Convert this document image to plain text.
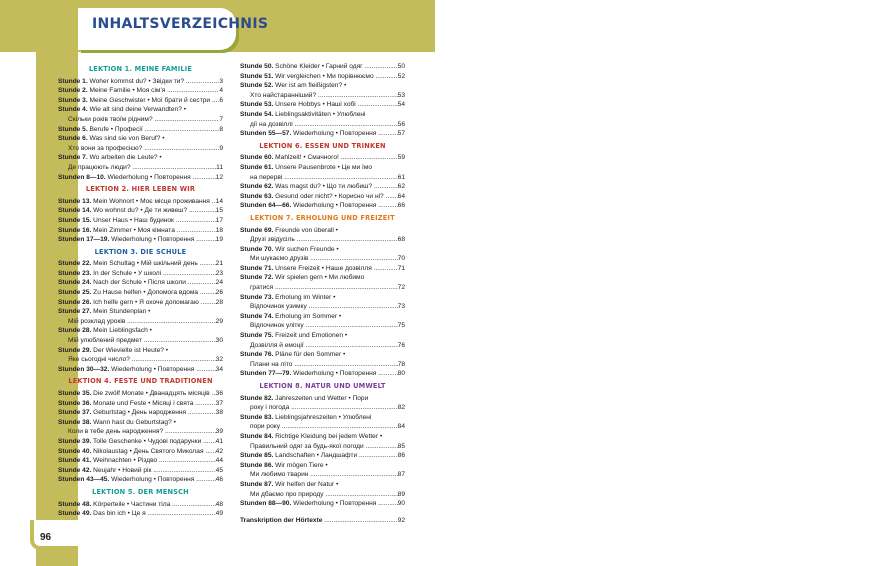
INHALTSVERZEICHNIS
96
LEKTION 1. MEINE FAMILIE
Stunde 1. Woher kommst du? • Звідки ти? .....	3
Stunde 2. Meine Familie • Моя сім'я .....	4
Stunde 3. Meine Geschwister • Мої брати й сестри .....	6
Stunde 4. Wie alt sind deine Verwandten? •
Скільки років твоїм рідним? .....	7
Stunde 5. Berufe • Професії .....	8
Stunde 6. Was sind sie von Beruf? •
Хто вони за професією? .....	9
Stunde 7. Wo arbeiten die Leute? •
Де працюють люди? .....	11
Stunden 8—10. Wiederholung • Повторення .....	12
LEKTION 2. HIER LEBEN WIR
Stunde 13. Mein Wohnort • Моє місце проживання ..... 14
Stunde 14. Wo wohnst du? • Де ти живеш? .....	15
Stunde 15. Unser Haus • Наш будинок .....	17
Stunde 16. Mein Zimmer • Моя кімната .....	18
Stunden 17—19. Wiederholung • Повторення .....	19
LEKTION 3. DIE SCHULE
Stunde 22. Mein Schultag • Мій шкільний день .....	21
Stunde 23. In der Schule • У школі .....	23
Stunde 24. Nach der Schule • Після школи .....	24
Stunde 25. Zu Hause helfen • Допомога вдома .....	26
Stunde 26. Ich helfe gern • Я охоче допомагаю .....	28
Stunde 27. Mein Stundenplan •
Мій розклад уроків .....	29
Stunde 28. Mein Lieblingsfach •
Мій улюблений предмет .....	30
Stunde 29. Der Wievielte ist Heute? •
Яке сьогодні число? .....	32
Stunden 30—32. Wiederholung • Повторення .....	34
LEKTION 4. FESTE UND TRADITIONEN
Stunde 35. Die zwölf Monate • Дванадцять місяців ..... 36
Stunde 36. Monate und Feste • Місяці і свята .....	37
Stunde 37. Geburtstag • День народження .....	38
Stunde 38. Wann hast du Geburtstag? •
Коли в тебе день народження? .....	39
Stunde 39. Tolle Geschenke • Чудові подарунки .....	41
Stunde 40. Nikolaustag • День Святого Миколая .....	42
Stunde 41. Weihnachten • Різдво .....	44
Stunde 42. Neujahr • Новий рік .....	45
Stunden 43—45. Wiederholung • Повторення .....	46
LEKTION 5. DER MENSCH
Stunde 48. Körperteile • Частини тіла .....	48
Stunde 49. Das bin ich • Це я .....	49
Stunde 50. Schöne Kleider • Гарний одяг .....	50
Stunde 51. Wir vergleichen • Ми порівнюємо .....	52
Stunde 52. Wer ist am fleißigsten? •
Хто найстаранніший? .....	53
Stunde 53. Unsere Hobbys • Наші хобі .....	54
Stunde 54. Lieblingsaktivitäten • Улюблені
дії на дозвіллі .....	56
Stunden 55—57. Wiederholung • Повторення .....	57
LEKTION 6. ESSEN UND TRINKEN
Stunde 60. Mahlzeit! • Смачного! .....	59
Stunde 61. Unsere Pausenbrote • Це ми їмо
на перерві .....	61
Stunde 62. Was magst du? • Що ти любиш? .....	62
Stunde 63. Gesund oder nicht? • Корисно чи ні? .....	64
Stunden 64—66. Wiederholung • Повторення .....	66
LEKTION 7. ERHOLUNG UND FREIZEIT
Stunde 69. Freunde von überall •
Друзі звідусіль .....	68
Stunde 70. Wir suchen Freunde •
Ми шукаємо друзів .....	70
Stunde 71. Unsere Freizeit • Наше дозвілля .....	71
Stunde 72. Wir spielen gern • Ми любимо
гратися .....	72
Stunde 73. Erholung im Winter •
Відпочинок узимку .....	73
Stunde 74. Erholung im Sommer •
Відпочинок улітку .....	75
Stunde 75. Freizeit und Emotionen •
Дозвілля й емоції .....	76
Stunde 76. Pläne für den Sommer •
Плани на літо .....	78
Stunden 77—79. Wiederholung • Повторення .....	80
LEKTION 8. NATUR UND UMWELT
Stunde 82. Jahreszeiten und Wetter • Пори
року і погода .....	82
Stunde 83. Lieblingsjahreszeiten • Улюблені
пори року .....	84
Stunde 84. Richtige Kleidung bei jedem Wetter •
Правильний одяг за будь-якої погоди .....	85
Stunde 85. Landschaften • Ландшафти .....	86
Stunde 86. Wir mögen Tiere •
Ми любимо тварин .....	87
Stunde 87. Wir helfen der Natur •
Ми дбаємо про природу .....	89
Stunden 88—90. Wiederholung • Повторення .....	90
Transkription der Hörtexte .....	92
